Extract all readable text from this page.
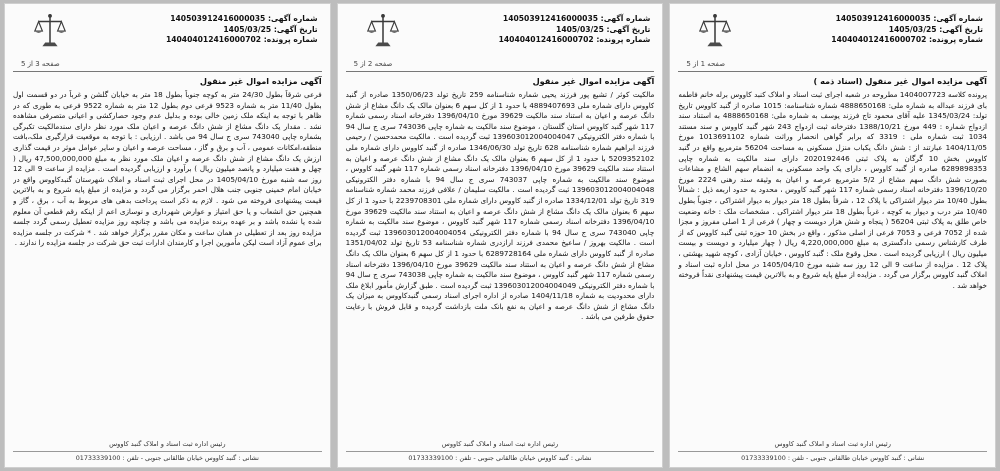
شماره آگهی: 140503912416000035
تاریخ آگهی: 1405/03/25
شماره پرونده: 140404012416000702
صفحه 1 از 5
آگهی مزایده اموال غیر منقول (اسناد ذمه )

پرونده کلاسه 1404007723 مطروحه در شعبه اجرای ثبت اسناد و املاک کنبد کاووس برله خانم فاطمه بای فرزند عبداله به شماره ملی: 4888650168 شماره شناسنامه: 1015 صادره از گنبد کاووس تاریخ تولد: 1345/03/24 علیه آقای محمود تاج فرزند یوسف به شماره ملی: 4888650168 به استناد سند ازدواج شماره : 449 مورخ 1388/10/21 دفترخانه ثبت ازدواج 243 شهر گنبد کاووس و سند مستند 1034 ثبت شماره ملی : 3319 که برابر گواهی انحصار وراثت شماره 1013691102 مورخ 1404/11/05 عبارتند از : شش دانگ یکباب منزل مسکونی به مساحت 56204 مترمربع واقع در گنبد کاووس بخش 10 گرگان به پلاک ثبتی 2020192446 دارای سند مالکیت به شماره چاپی 6289898353 صادره از گنبد کاووس ، دارای یک واحد مسکونی به انضمام سهم الشاع و مشاعات بصورت شش دانگ سهم مشاع از 5/2 مترمربع عرصه و اعیان به وثیقه سند رهنی 2224 مورخ 1396/10/20 دفترخانه اسناد رسمی شماره 117 شهر گنبد کاووس ، محدود به حدود اربعه ذیل : شمالاً بطول 10/40 متر دیوار اشتراکی با پلاک 12 ، شرقاً بطول 18 متر دیوار به دیوار اشتراکی ، جنوباً بطول 10/40 متر درب و دیوار به کوچه ، غرباً بطول 18 متر دیوار اشتراکی . مشخصات ملک : خانه وضعیت خاص طلق به پلاک ثبتی 56204 ( پنجاه و شش هزار دویست و چهار ) فرعی از 1 اصلی مفروز و مجزا شده از 7052 فرعی و 7053 فرعی از اصلی مذکور ، واقع در بخش 10 حوزه ثبتی گنبد کاووس که از طرف کارشناس رسمی دادگستری به مبلغ 4,220,000,000 ریال ( چهار میلیارد و دویست و بیست میلیون ریال ) ارزیابی گردیده است . محل وقوع ملک : گنبد کاووس ، خیابان آزادی ، کوچه شهید بهشتی ، پلاک 12 . مزایده از ساعت 9 الی 12 روز سه شنبه مورخ 1405/04/10 در محل اداره ثبت اسناد و املاک گنبد کاووس برگزار می گردد . مزایده از مبلغ پایه شروع و به بالاترین قیمت پیشنهادی نقداً فروخته خواهد شد .

رئیس اداره ثبت اسناد و املاک گنبد کاووس
نشانی : گنبد کاووس خیابان طالقانی جنوبی - تلفن : 01733339100
شماره آگهی: 140503912416000035
تاریخ آگهی: 1405/03/25
شماره پرونده: 140404012416000702
صفحه 2 از 5
آگهی مزایده اموال غیر منقول

مالکیت کوثر / تشیع پور فرزند یحیی شماره شناسنامه 259 تاریخ تولد 1350/06/23 صادره از گنبد کاووس دارای شماره ملی 4889407693 با حدود 1 از کل سهم 6 بعنوان مالک یک دانگ مشاع از شش دانگ عرصه و اعیان به استناد سند مالکیت 39629 مورخ 1396/04/10 دفترخانه اسناد رسمی شماره 117 شهر گنبد کاووس استان گلستان ، موضوع سند مالکیت به شماره چاپی 743036 سری ج سال 94 با شماره دفتر الکترونیکی 139603012004004047 ثبت گردیده است . مالکیت محمدحسن / رحیمی فرزند ابراهیم شماره شناسنامه 628 تاریخ تولد 1346/06/30 صادره از گنبد کاووس دارای شماره ملی 5209352102 با حدود 1 از کل سهم 6 بعنوان مالک یک دانگ مشاع از شش دانگ عرصه و اعیان به استناد سند مالکیت 39629 مورخ 1396/04/10 دفترخانه اسناد رسمی شماره 117 شهر گنبد کاووس ، موضوع سند مالکیت به شماره چاپی 743037 سری ج سال 94 با شماره دفتر الکترونیکی 139603012004004048 ثبت گردیده است . مالکیت سلیمان / علافی فرزند محمد شماره شناسنامه 319 تاریخ تولد 1334/12/01 صادره از گنبد کاووس دارای شماره ملی 2239708301 با حدود 1 از کل سهم 6 بعنوان مالک یک دانگ مشاع از شش دانگ عرصه و اعیان به استناد سند مالکیت 39629 مورخ 1396/04/10 دفترخانه اسناد رسمی شماره 117 شهر گنبد کاووس ، موضوع سند مالکیت به شماره چاپی 743040 سری ج سال 94 با شماره دفتر الکترونیکی 139603012004004054 ثبت گردیده است . مالکیت بهروز / ساعیخ محمدی فرزند ارازدری شماره شناسنامه 53 تاریخ تولد 1351/04/02 صادره از گنبد کاووس دارای شماره ملی 6289728164 با حدود 1 از کل سهم 6 بعنوان مالک یک دانگ مشاع از شش دانگ عرصه و اعیان به استناد سند مالکیت 39629 مورخ 1396/04/10 دفترخانه اسناد رسمی شماره 117 شهر گنبد کاووس ، موضوع سند مالکیت به شماره چاپی 743038 سری ج سال 94 با شماره دفتر الکترونیکی 139603012004004049 ثبت گردیده است . طبق گزارش مأمور ابلاغ ملک دارای محدودیت به شماره 1404/11/18 صادره از اداره اجرای اسناد رسمی گنبدکاووس به میزان یک دانگ مشاع از شش دانگ عرصه و اعیان به نفع بانک ملت بازداشت گردیده و قابل فروش با رعایت حقوق طرفین می باشد .

رئیس اداره ثبت اسناد و املاک گنبد کاووس
نشانی : گنبد کاووس خیابان طالقانی جنوبی - تلفن : 01733339100
شماره آگهی: 140503912416000035
تاریخ آگهی: 1405/03/25
شماره پرونده: 140404012416000702
صفحه 3 از 5
آگهی مزایده اموال غیر منقول

فرعی شرقاً بطول 24/30 متر به کوچه جنوباً بطول 18 متر به خیابان گلشن و غرباً در دو قسمت اول بطول 11/40 متر به شماره 9523 فرعی دوم بطول 12 متر به شماره 9522 فرعی به طوری که در ظاهر با توجه به اینکه ملک زمین خالی بوده و بدلیل عدم وجود حصارکشی و اعیانی متصرفی مشاهده نشد . مقدار یک دانگ مشاع از شش دانگ عرصه و اعیان ملک مورد نظر دارای سندمالکیت تکبرگی بشماره چاپی 743040 سری ج سال 94 می باشد . ارزیابی : با توجه به موقعیت قرارگیری ملک،بافت منطقه،امکانات عمومی ، آب و برق و گاز ، مساحت عرصه و اعیان و سایر عوامل موثر در قیمت گذاری ارزش یک دانگ مشاع از شش دانگ عرصه و اعیان ملک مورد نظر به مبلغ 47,500,000,000 ریال ( چهل و هفت میلیارد و پانصد میلیون ریال ) برآورد و ارزیابی گردیده است . مزایده از ساعت 9 الی 12 روز سه شنبه مورخ 1405/04/10 در محل اجرای ثبت اسناد و املاک شهرستان گنبدکاووس واقع در خیابان امام خمینی جنوبی جنب هلال احمر برگزار می گردد و مزایده از مبلغ پایه شروع و به بالاترین قیمت پیشنهادی فروخته می شود . لازم به ذکر است پرداخت بدهی های مربوط به آب ، برق ، گاز و همچنین حق انشعاب و یا حق امتیاز و عوارض شهرداری و نوسازی اعم از اینکه رقم قطعی آن معلوم شده یا نشده باشد و بر عهده برنده مزایده می باشد و چنانچه روز مزایده تعطیل رسمی گردد جلسه مزایده روز بعد از تعطیلی در همان ساعت و مکان مقرر برگزار خواهد شد . * شرکت در جلسه مزایده برای عموم آزاد است لیکن مأمورین اجرا و کارمندان ادارات ثبت حق شرکت در جلسه مزایده را ندارند .

رئیس اداره ثبت اسناد و املاک گنبد کاووس
نشانی : گنبد کاووس خیابان طالقانی جنوبی - تلفن : 01733339100
